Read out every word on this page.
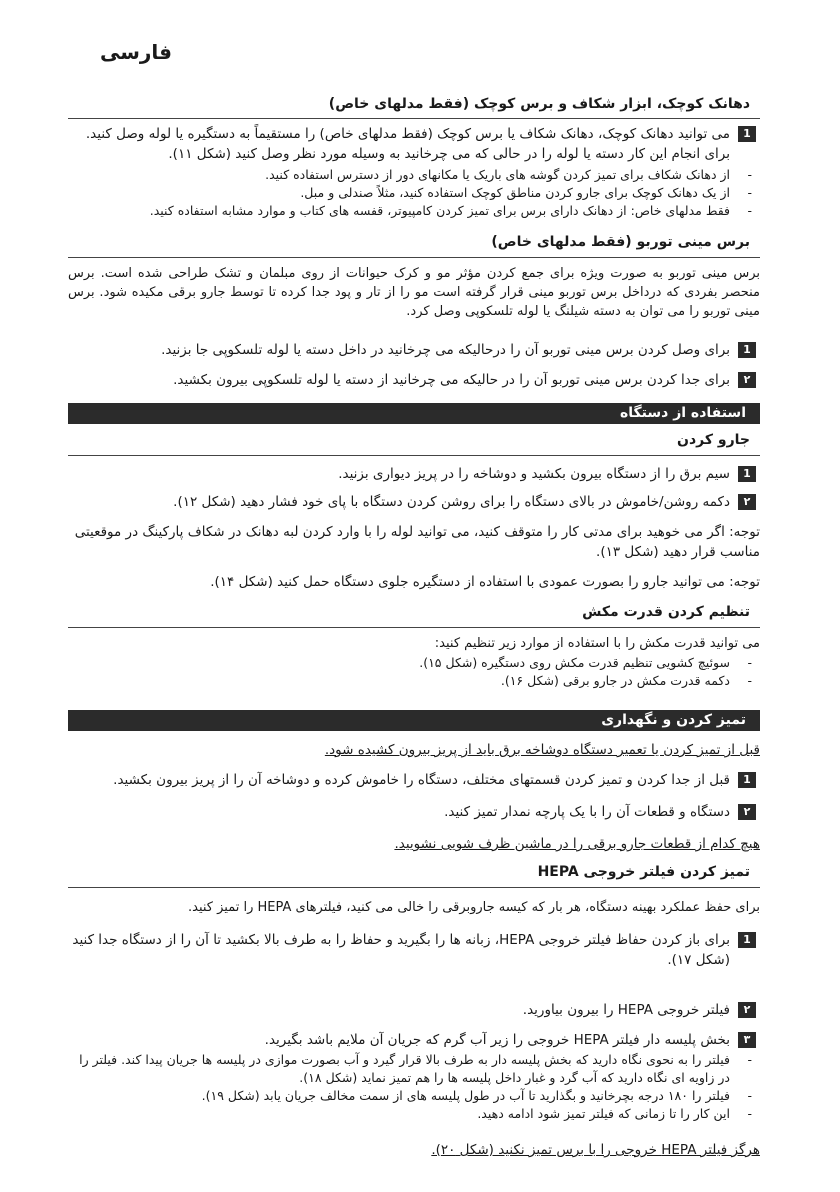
فارسی
دهانک کوچک، ابزار شکاف و برس کوچک (فقط مدلهای خاص)
1
می توانید دهانک کوچک، دهانک شکاف یا برس کوچک (فقط مدلهای خاص) را مستقیماً به دستگیره یا لوله وصل کنید. برای انجام این کار دسته یا لوله را در حالی که می چرخانید به وسیله مورد نظر وصل کنید (شکل ۱۱).
-
از دهانک شکاف برای تمیز کردن گوشه های باریک یا مکانهای دور از دسترس استفاده کنید.
-
از یک دهانک کوچک برای جارو کردن مناطق کوچک استفاده کنید، مثلاً صندلی و مبل.
-
فقط مدلهای خاص: از دهانک دارای برس برای تمیز کردن کامپیوتر، قفسه های کتاب و موارد مشابه استفاده کنید.
برس مینی توربو (فقط مدلهای خاص)
برس مینی توربو به صورت ویژه برای جمع کردن مؤثر مو و کرک حیوانات از روی مبلمان و تشک طراحی شده است. برس منحصر بفردی که درداخل برس توربو مینی قرار گرفته است مو را از تار و پود جدا کرده تا توسط جارو برقی مکیده شود. برس مینی توربو را می توان به دسته شیلنگ یا لوله تلسکوپی وصل کرد.
1
برای وصل کردن برس مینی توربو آن را درحالیکه می چرخانید در داخل دسته یا لوله تلسکوپی جا بزنید.
۲
برای جدا کردن برس مینی توربو آن را در حالیکه می چرخانید از دسته یا لوله تلسکوپی بیرون بکشید.
استفاده از دستگاه
جارو کردن
1
سیم برق را از دستگاه بیرون بکشید و دوشاخه را در پریز دیواری بزنید.
۲
دکمه روشن/خاموش در بالای دستگاه را برای روشن کردن دستگاه با پای خود فشار دهید (شکل ۱۲).
توجه: اگر می خوهید برای مدتی کار را متوقف کنید، می توانید لوله را با وارد کردن لبه دهانک در شکاف پارکینگ در موقعیتی مناسب قرار دهید (شکل ۱۳).
توجه: می توانید جارو را بصورت عمودی با استفاده از دستگیره جلوی دستگاه حمل کنید (شکل ۱۴).
تنظیم کردن قدرت مکش
می توانید قدرت مکش را با استفاده از موارد زیر تنظیم کنید:
-
سوئیچ کشویی تنظیم قدرت مکش روی دستگیره (شکل ۱۵).
-
دکمه قدرت مکش در جارو برقی (شکل ۱۶).
تمیز کردن و نگهداری
قبل از تمیز کردن یا تعمیر دستگاه دوشاخه برق باید از پریز بیرون کشیده شود.
1
قبل از جدا کردن و تمیز کردن قسمتهای مختلف، دستگاه را خاموش کرده و دوشاخه آن را از پریز بیرون بکشید.
۲
دستگاه و قطعات آن را با یک پارچه نمدار تمیز کنید.
هیچ کدام از قطعات جارو برقی را در ماشین ظرف شویی نشویید.
تمیز کردن فیلتر خروجی HEPA
برای حفظ عملکرد بهینه دستگاه، هر بار که کیسه جاروبرقی را خالی می کنید، فیلترهای HEPA را تمیز کنید.
1
برای باز کردن حفاظ فیلتر خروجی HEPA، زبانه ها را بگیرید و حفاظ را به طرف بالا بکشید تا آن را از دستگاه جدا کنید (شکل ۱۷).
۲
فیلتر خروجی HEPA را بیرون بیاورید.
۳
بخش پلیسه دار فیلتر HEPA خروجی را زیر آب گرم که جریان آن ملایم باشد بگیرید.
-
فیلتر را به نحوی نگاه دارید که بخش پلیسه دار به طرف بالا قرار گیرد و آب بصورت موازی در پلیسه ها جریان پیدا کند. فیلتر را در زاویه ای نگاه دارید که آب گرد و غبار داخل پلیسه ها را هم تمیز نماید (شکل ۱۸).
-
فیلتر را ۱۸۰ درجه بچرخانید و بگذارید تا آب در طول پلیسه های از سمت مخالف جریان یابد (شکل ۱۹).
-
این کار را تا زمانی که فیلتر تمیز شود ادامه دهید.
هرگز فیلتر HEPA خروجی را با برس تمیز نکنید (شکل ۲۰).
